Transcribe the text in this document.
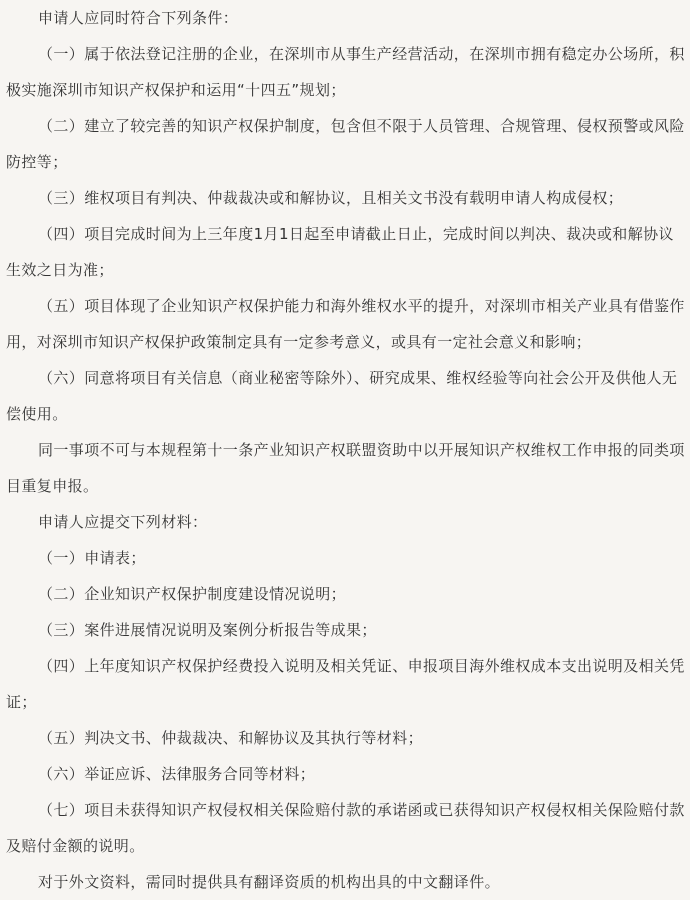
申请人应同时符合下列条件：

（一）属于依法登记注册的企业，在深圳市从事生产经营活动，在深圳市拥有稳定办公场所，积极实施深圳市知识产权保护和运用“十四五”规划；

（二）建立了较完善的知识产权保护制度，包含但不限于人员管理、合规管理、侵权预警或风险防控等；

（三）维权项目有判决、仲裁裁决或和解协议，且相关文书没有载明申请人构成侵权；

（四）项目完成时间为上三年度1月1日起至申请截止日止，完成时间以判决、裁决或和解协议生效之日为准；

（五）项目体现了企业知识产权保护能力和海外维权水平的提升，对深圳市相关产业具有借鉴作用，对深圳市知识产权保护政策制定具有一定参考意义，或具有一定社会意义和影响；

（六）同意将项目有关信息（商业秘密等除外）、研究成果、维权经验等向社会公开及供他人无偿使用。

同一事项不可与本规程第十一条产业知识产权联盟资助中以开展知识产权维权工作申报的同类项目重复申报。

申请人应提交下列材料：

（一）申请表；

（二）企业知识产权保护制度建设情况说明；

（三）案件进展情况说明及案例分析报告等成果；

（四）上年度知识产权保护经费投入说明及相关凭证、申报项目海外维权成本支出说明及相关凭证；

（五）判决文书、仲裁裁决、和解协议及其执行等材料；

（六）举证应诉、法律服务合同等材料；

（七）项目未获得知识产权侵权相关保险赔付款的承诺函或已获得知识产权侵权相关保险赔付款及赔付金额的说明。

对于外文资料，需同时提供具有翻译资质的机构出具的中文翻译件。
